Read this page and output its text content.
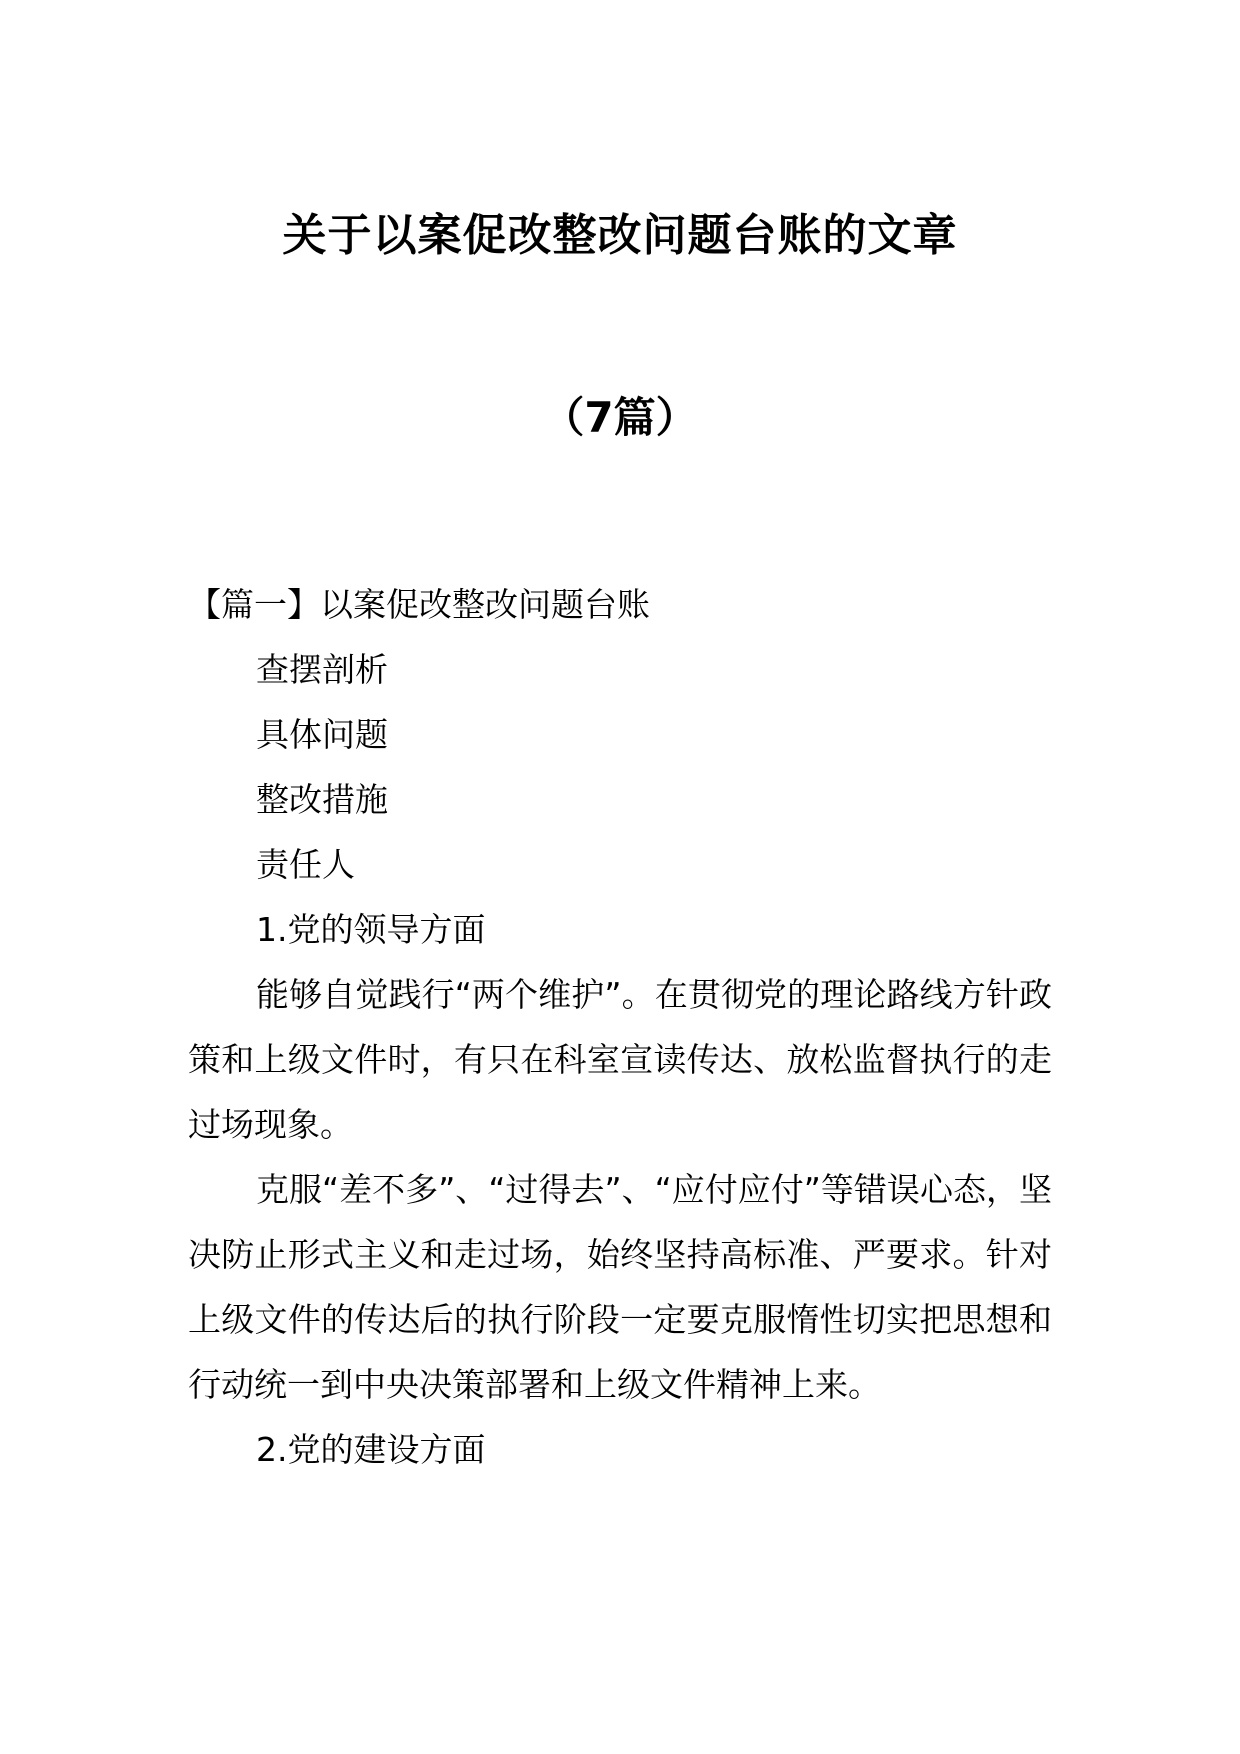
关于以案促改整改问题台账的文章
（7篇）

【篇一】以案促改整改问题台账

查摆剖析

具体问题

整改措施

责任人

1.党的领导方面

能够自觉践行“两个维护”。在贯彻党的理论路线方针政策和上级文件时，有只在科室宣读传达、放松监督执行的走过场现象。

克服“差不多”、“过得去”、“应付应付”等错误心态，坚决防止形式主义和走过场，始终坚持高标准、严要求。针对上级文件的传达后的执行阶段一定要克服惰性切实把思想和行动统一到中央决策部署和上级文件精神上来。

2.党的建设方面
